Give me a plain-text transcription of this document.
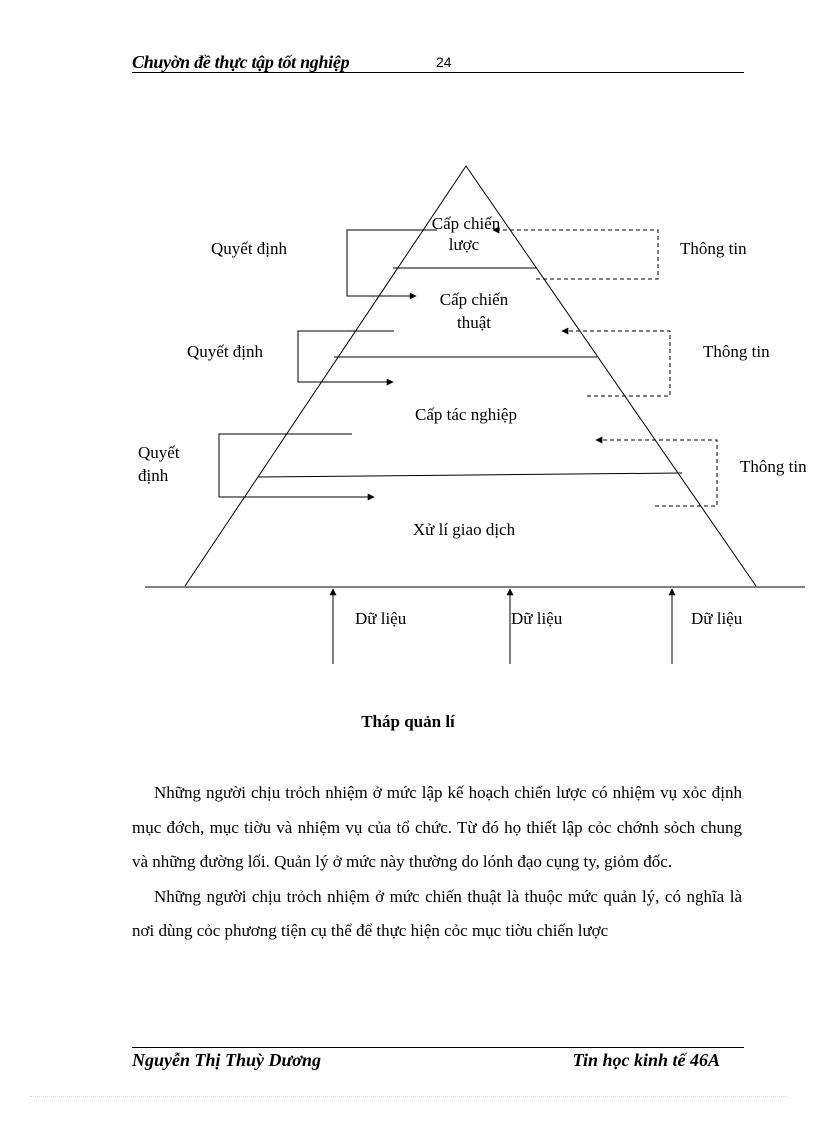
Chuyờn đề thực tập tốt nghiệp	24
Cấp chiến
lược
Cấp chiến
thuật
Cấp tác nghiệp
Xử lí giao dịch
Quyết định
Quyết định
Quyết
định
Thông tin
Thông tin
Thông tin
Dữ liệu	Dữ liệu	Dữ liệu
Tháp quản lí

Những người chịu trỏch nhiệm ở mức lập kế hoạch chiến lược có nhiệm vụ xỏc định mục đớch, mục tiờu và nhiệm vụ của tổ chức. Từ đó họ thiết lập cỏc chớnh sỏch chung và những đường lối. Quản lý ở mức này thường do lónh đạo cụng ty, giỏm đốc.

Những người chịu trỏch nhiệm ở mức chiến thuật là thuộc mức quản lý, có nghĩa là nơi dùng cỏc phương tiện cụ thể để thực hiện cỏc mục tiờu chiến lược

Nguyễn Thị Thuỳ Dương	Tin học kinh tế 46A
